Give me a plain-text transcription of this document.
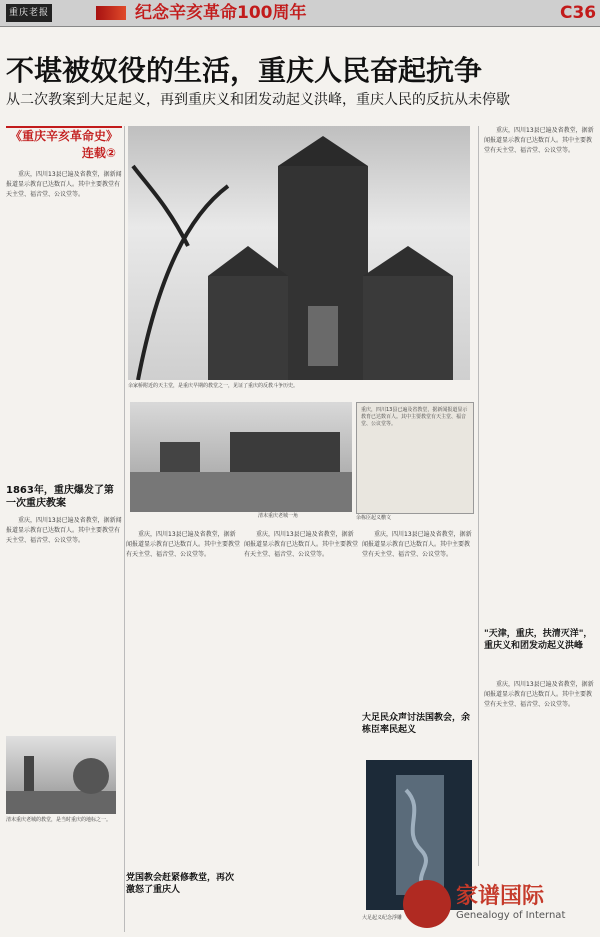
重庆老报	纪念辛亥革命100周年	C36
不堪被奴役的生活，重庆人民奋起抗争
从二次教案到大足起义，再到重庆义和团发动起义洪峰，重庆人民的反抗从未停歇
《重庆辛亥革命史》
连载②

重庆，四川13县已遍及省教堂，据新闻报道显示教育已达数百人。其中主要教堂有天主堂、福音堂、公议堂等。

余家桥附近的天主堂，是重庆早期的教堂之一，见证了重庆的反教斗争历史。

重庆，四川13县已遍及省教堂，据新闻报道显示教育已达数百人。其中主要教堂有天主堂、福音堂、公议堂等。

清末重庆老城一角
重庆，四川13县已遍及省教堂，据新闻报道显示教育已达数百人。其中主要教堂有天主堂、福音堂、公议堂等。
余栋臣起义檄文
1863年，重庆爆发了第一次重庆教案

重庆，四川13县已遍及省教堂，据新闻报道显示教育已达数百人。其中主要教堂有天主堂、福音堂、公议堂等。

重庆，四川13县已遍及省教堂，据新闻报道显示教育已达数百人。其中主要教堂有天主堂、福音堂、公议堂等。

重庆，四川13县已遍及省教堂，据新闻报道显示教育已达数百人。其中主要教堂有天主堂、福音堂、公议堂等。

重庆，四川13县已遍及省教堂，据新闻报道显示教育已达数百人。其中主要教堂有天主堂、福音堂、公议堂等。

重庆，四川13县已遍及省教堂，据新闻报道显示教育已达数百人。其中主要教堂有天主堂、福音堂、公议堂等。

清末重庆老城的教堂，是当时重庆的地标之一。
党国教会赶紧修教堂，再次激怒了重庆人
大足民众声讨法国教会，余栋臣率民起义
"天津，重庆，扶清灭洋"，重庆义和团发动起义洪峰
大足起义纪念浮雕
家谱国际
Genealogy of Internat
